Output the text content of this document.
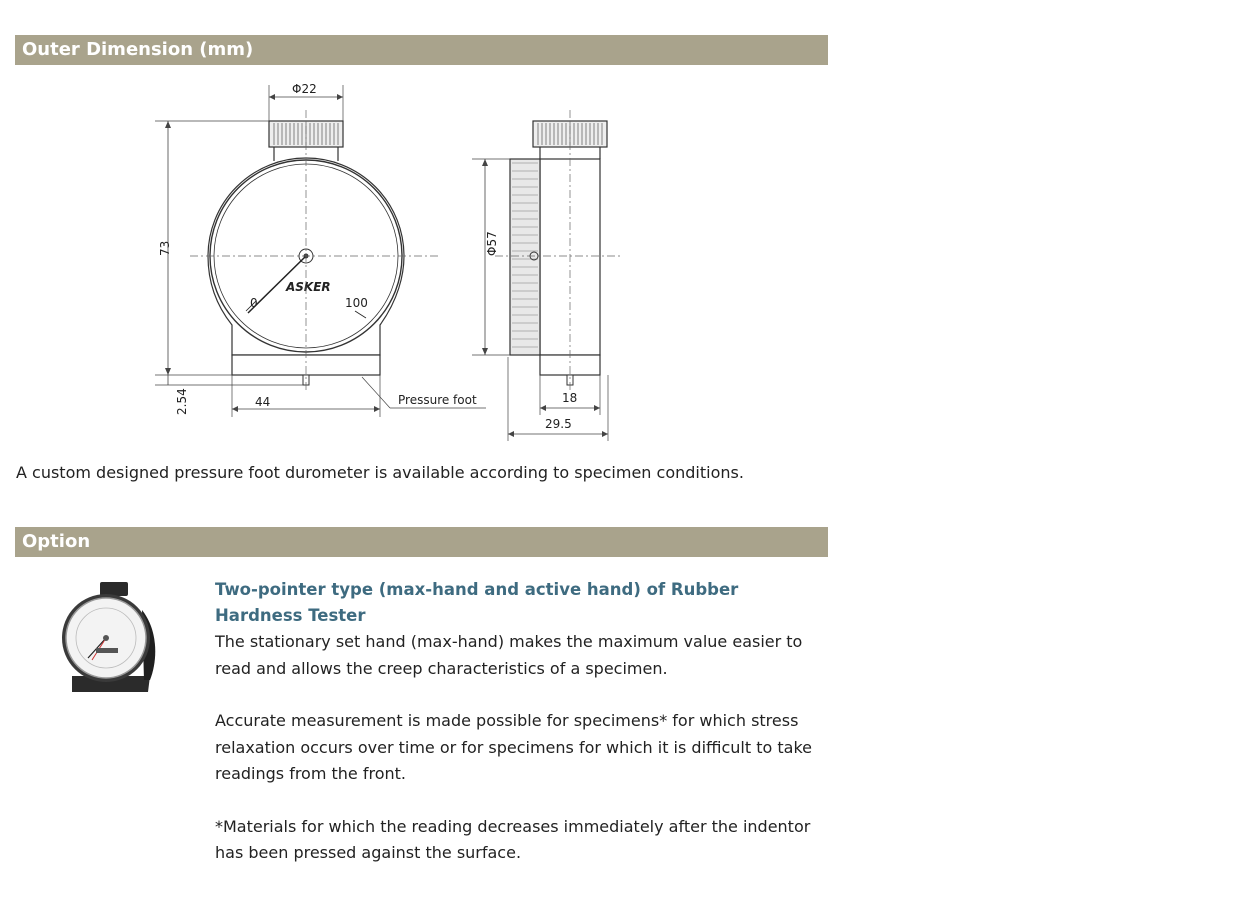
Outer Dimension (mm)
0	100
ASKER
Φ22
73
2.54	44	Pressure foot
Φ57
18
29.5
A custom designed pressure foot durometer is available according to specimen conditions.
Option

Two-pointer type (max-hand and active hand) of Rubber Hardness Tester

The stationary set hand (max-hand) makes the maximum value easier to read and allows the creep characteristics of a specimen.

Accurate measurement is made possible for specimens* for which stress relaxation occurs over time or for specimens for which it is difficult to take readings from the front.

*Materials for which the reading decreases immediately after the indentor has been pressed against the surface.
